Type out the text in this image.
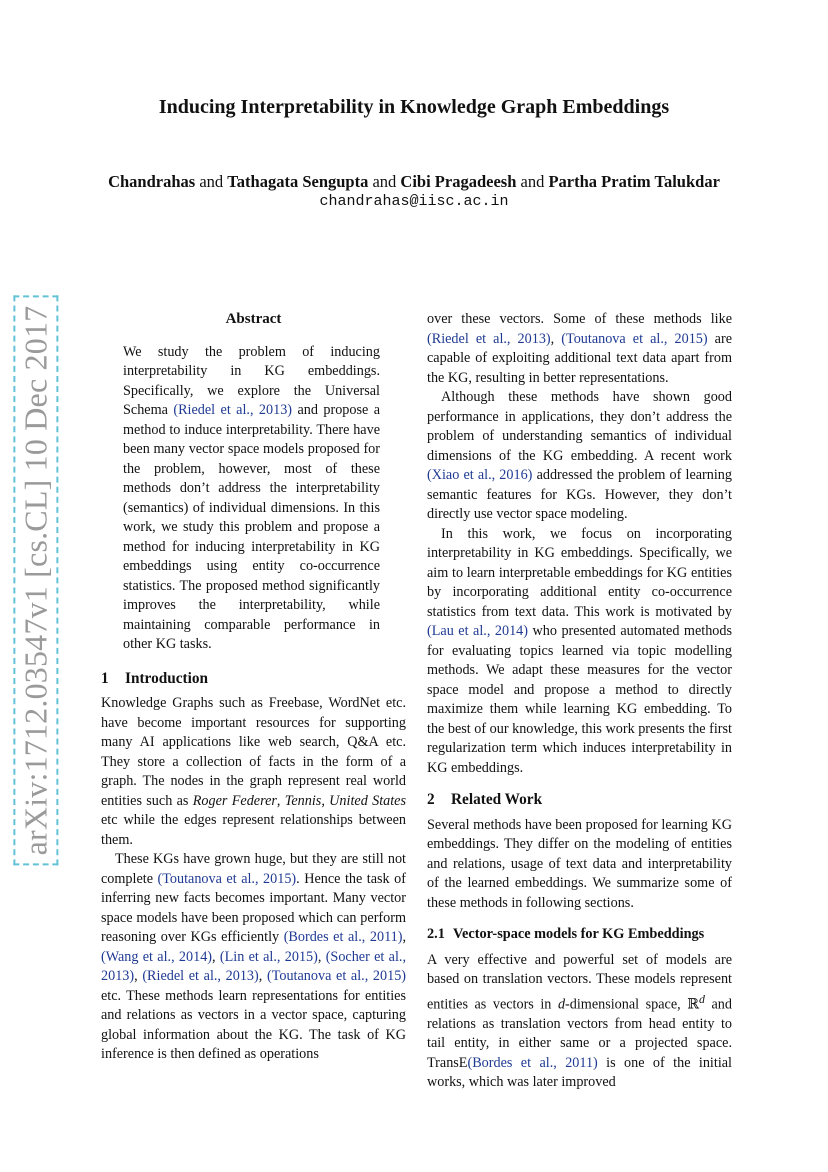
arXiv:1712.03547v1 [cs.CL] 10 Dec 2017
Inducing Interpretability in Knowledge Graph Embeddings
Chandrahas and Tathagata Sengupta and Cibi Pragadeesh and Partha Pratim Talukdar
chandrahas@iisc.ac.in

Abstract

We study the problem of inducing interpretability in KG embeddings. Specifically, we explore the Universal Schema (Riedel et al., 2013) and propose a method to induce interpretability. There have been many vector space models proposed for the problem, however, most of these methods don’t address the interpretability (semantics) of individual dimensions. In this work, we study this problem and propose a method for inducing interpretability in KG embeddings using entity co-occurrence statistics. The proposed method significantly improves the interpretability, while maintaining comparable performance in other KG tasks.

1 Introduction

Knowledge Graphs such as Freebase, WordNet etc. have become important resources for supporting many AI applications like web search, Q&A etc. They store a collection of facts in the form of a graph. The nodes in the graph represent real world entities such as Roger Federer, Tennis, United States etc while the edges represent relationships between them.

These KGs have grown huge, but they are still not complete (Toutanova et al., 2015). Hence the task of inferring new facts becomes important. Many vector space models have been proposed which can perform reasoning over KGs efficiently (Bordes et al., 2011), (Wang et al., 2014), (Lin et al., 2015), (Socher et al., 2013), (Riedel et al., 2013), (Toutanova et al., 2015) etc. These methods learn representations for entities and relations as vectors in a vector space, capturing global information about the KG. The task of KG inference is then defined as operations

over these vectors. Some of these methods like (Riedel et al., 2013), (Toutanova et al., 2015) are capable of exploiting additional text data apart from the KG, resulting in better representations.

Although these methods have shown good performance in applications, they don’t address the problem of understanding semantics of individual dimensions of the KG embedding. A recent work (Xiao et al., 2016) addressed the problem of learning semantic features for KGs. However, they don’t directly use vector space modeling.

In this work, we focus on incorporating interpretability in KG embeddings. Specifically, we aim to learn interpretable embeddings for KG entities by incorporating additional entity co-occurrence statistics from text data. This work is motivated by (Lau et al., 2014) who presented automated methods for evaluating topics learned via topic modelling methods. We adapt these measures for the vector space model and propose a method to directly maximize them while learning KG embedding. To the best of our knowledge, this work presents the first regularization term which induces interpretability in KG embeddings.

2 Related Work

Several methods have been proposed for learning KG embeddings. They differ on the modeling of entities and relations, usage of text data and interpretability of the learned embeddings. We summarize some of these methods in following sections.

2.1 Vector-space models for KG Embeddings

A very effective and powerful set of models are based on translation vectors. These models represent entities as vectors in d-dimensional space, ℝ$^d$ and relations as translation vectors from head entity to tail entity, in either same or a projected space. TransE(Bordes et al., 2011) is one of the initial works, which was later improved
